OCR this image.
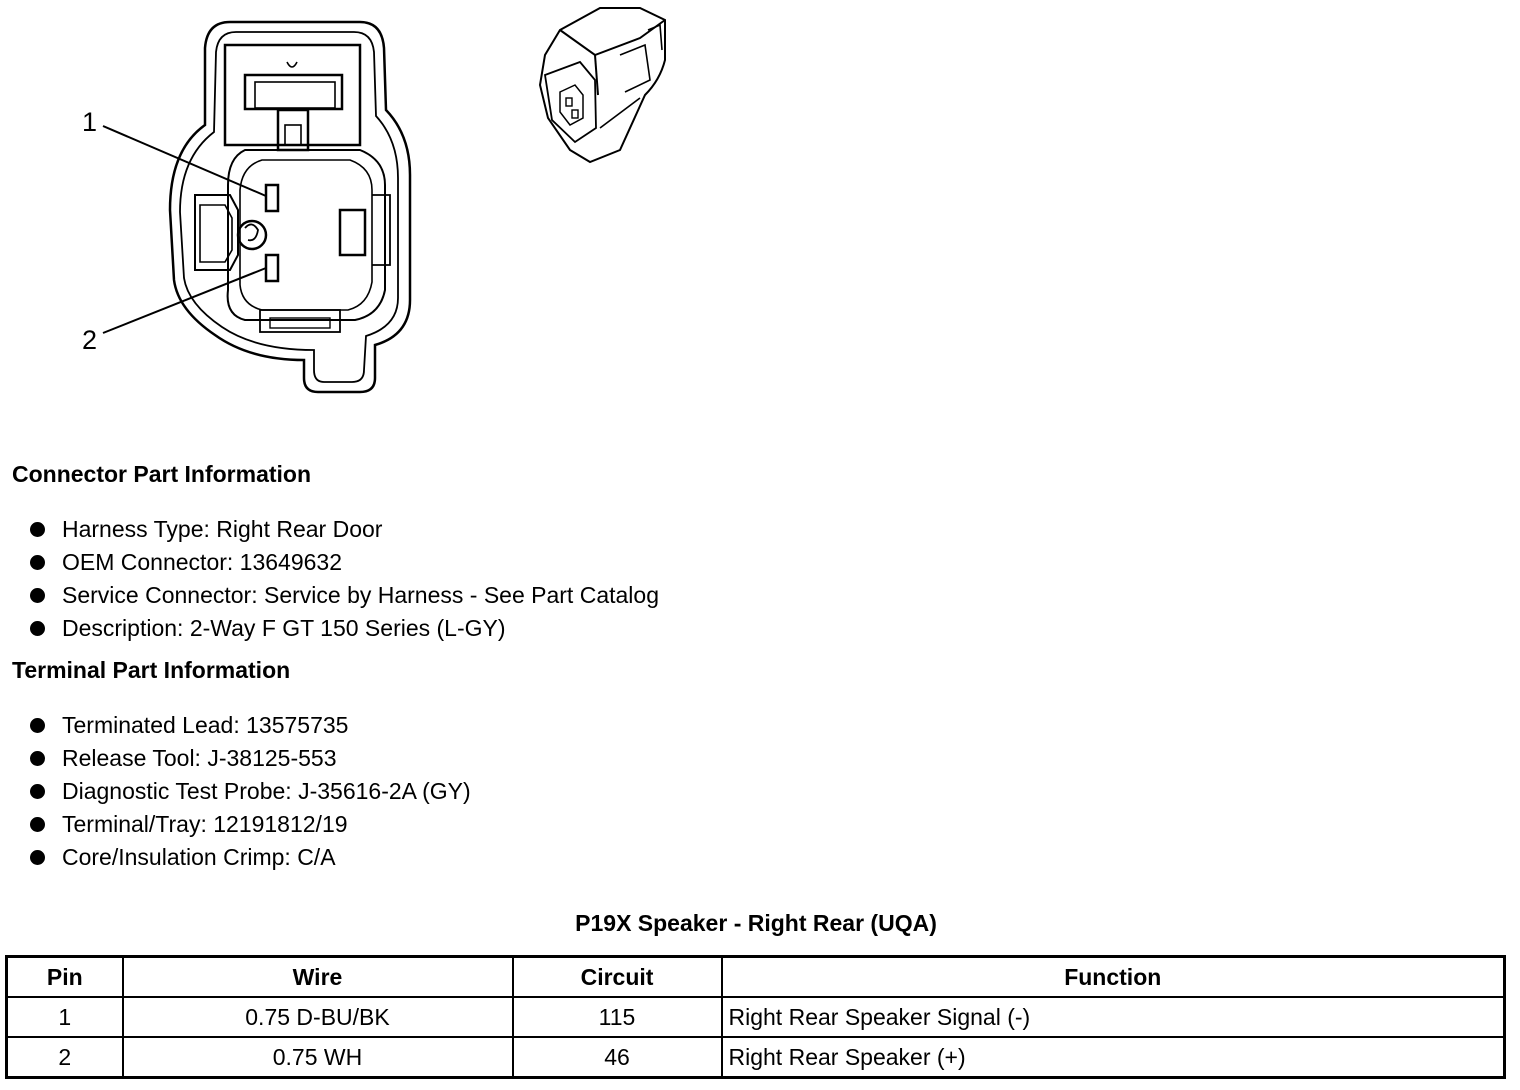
1
2
Connector Part Information
Harness Type: Right Rear Door
OEM Connector: 13649632
Service Connector: Service by Harness - See Part Catalog
Description: 2-Way F GT 150 Series (L-GY)
Terminal Part Information
Terminated Lead: 13575735
Release Tool: J-38125-553
Diagnostic Test Probe: J-35616-2A (GY)
Terminal/Tray: 12191812/19
Core/Insulation Crimp: C/A
P19X Speaker - Right Rear (UQA)
Pin	Wire	Circuit	Function
1	0.75 D-BU/BK	115	Right Rear Speaker Signal (-)
2	0.75 WH	46	Right Rear Speaker (+)
